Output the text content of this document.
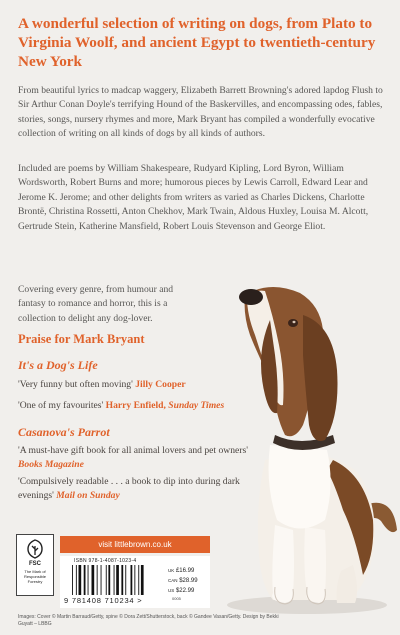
A wonderful selection of writing on dogs, from Plato to Virginia Woolf, and ancient Egypt to twentieth-century New York

From beautiful lyrics to madcap waggery, Elizabeth Barrett Browning's adored lapdog Flush to Sir Arthur Conan Doyle's terrifying Hound of the Baskervilles, and encompassing odes, fables, stories, songs, nursery rhymes and more, Mark Bryant has compiled a wonderfully evocative collection of writing on all kinds of dogs by all kinds of authors.

Included are poems by William Shakespeare, Rudyard Kipling, Lord Byron, William Wordsworth, Robert Burns and more; humorous pieces by Lewis Carroll, Edward Lear and Jerome K. Jerome; and other delights from writers as varied as Charles Dickens, Charlotte Brontë, Christina Rossetti, Anton Chekhov, Mark Twain, Aldous Huxley, Louisa M. Alcott, Gertrude Stein, Katherine Mansfield, Robert Louis Stevenson and George Eliot.

Covering every genre, from humour and fantasy to romance and horror, this is a collection to delight any dog-lover.

Praise for Mark Bryant
It's a Dog's Life

'Very funny but often moving' Jilly Cooper

'One of my favourites' Harry Enfield, Sunday Times

Casanova's Parrot

'A must-have gift book for all animal lovers and pet owners' Books Magazine

'Compulsively readable . . . a book to dip into during dark evenings' Mail on Sunday

FSC
The Mark of Responsible Forestry
visit littlebrown.co.uk
ISBN 978-1-4087-1023-4
9 781408 710234 >
UK £16.99
CAN $28.99
US $22.99
0005

Images: Cover © Martin Barraud/Getty, spine © Dora Zett/Shutterstock, back © Gandee Vasan/Getty. Design by Bekki Guyatt – LBBG
